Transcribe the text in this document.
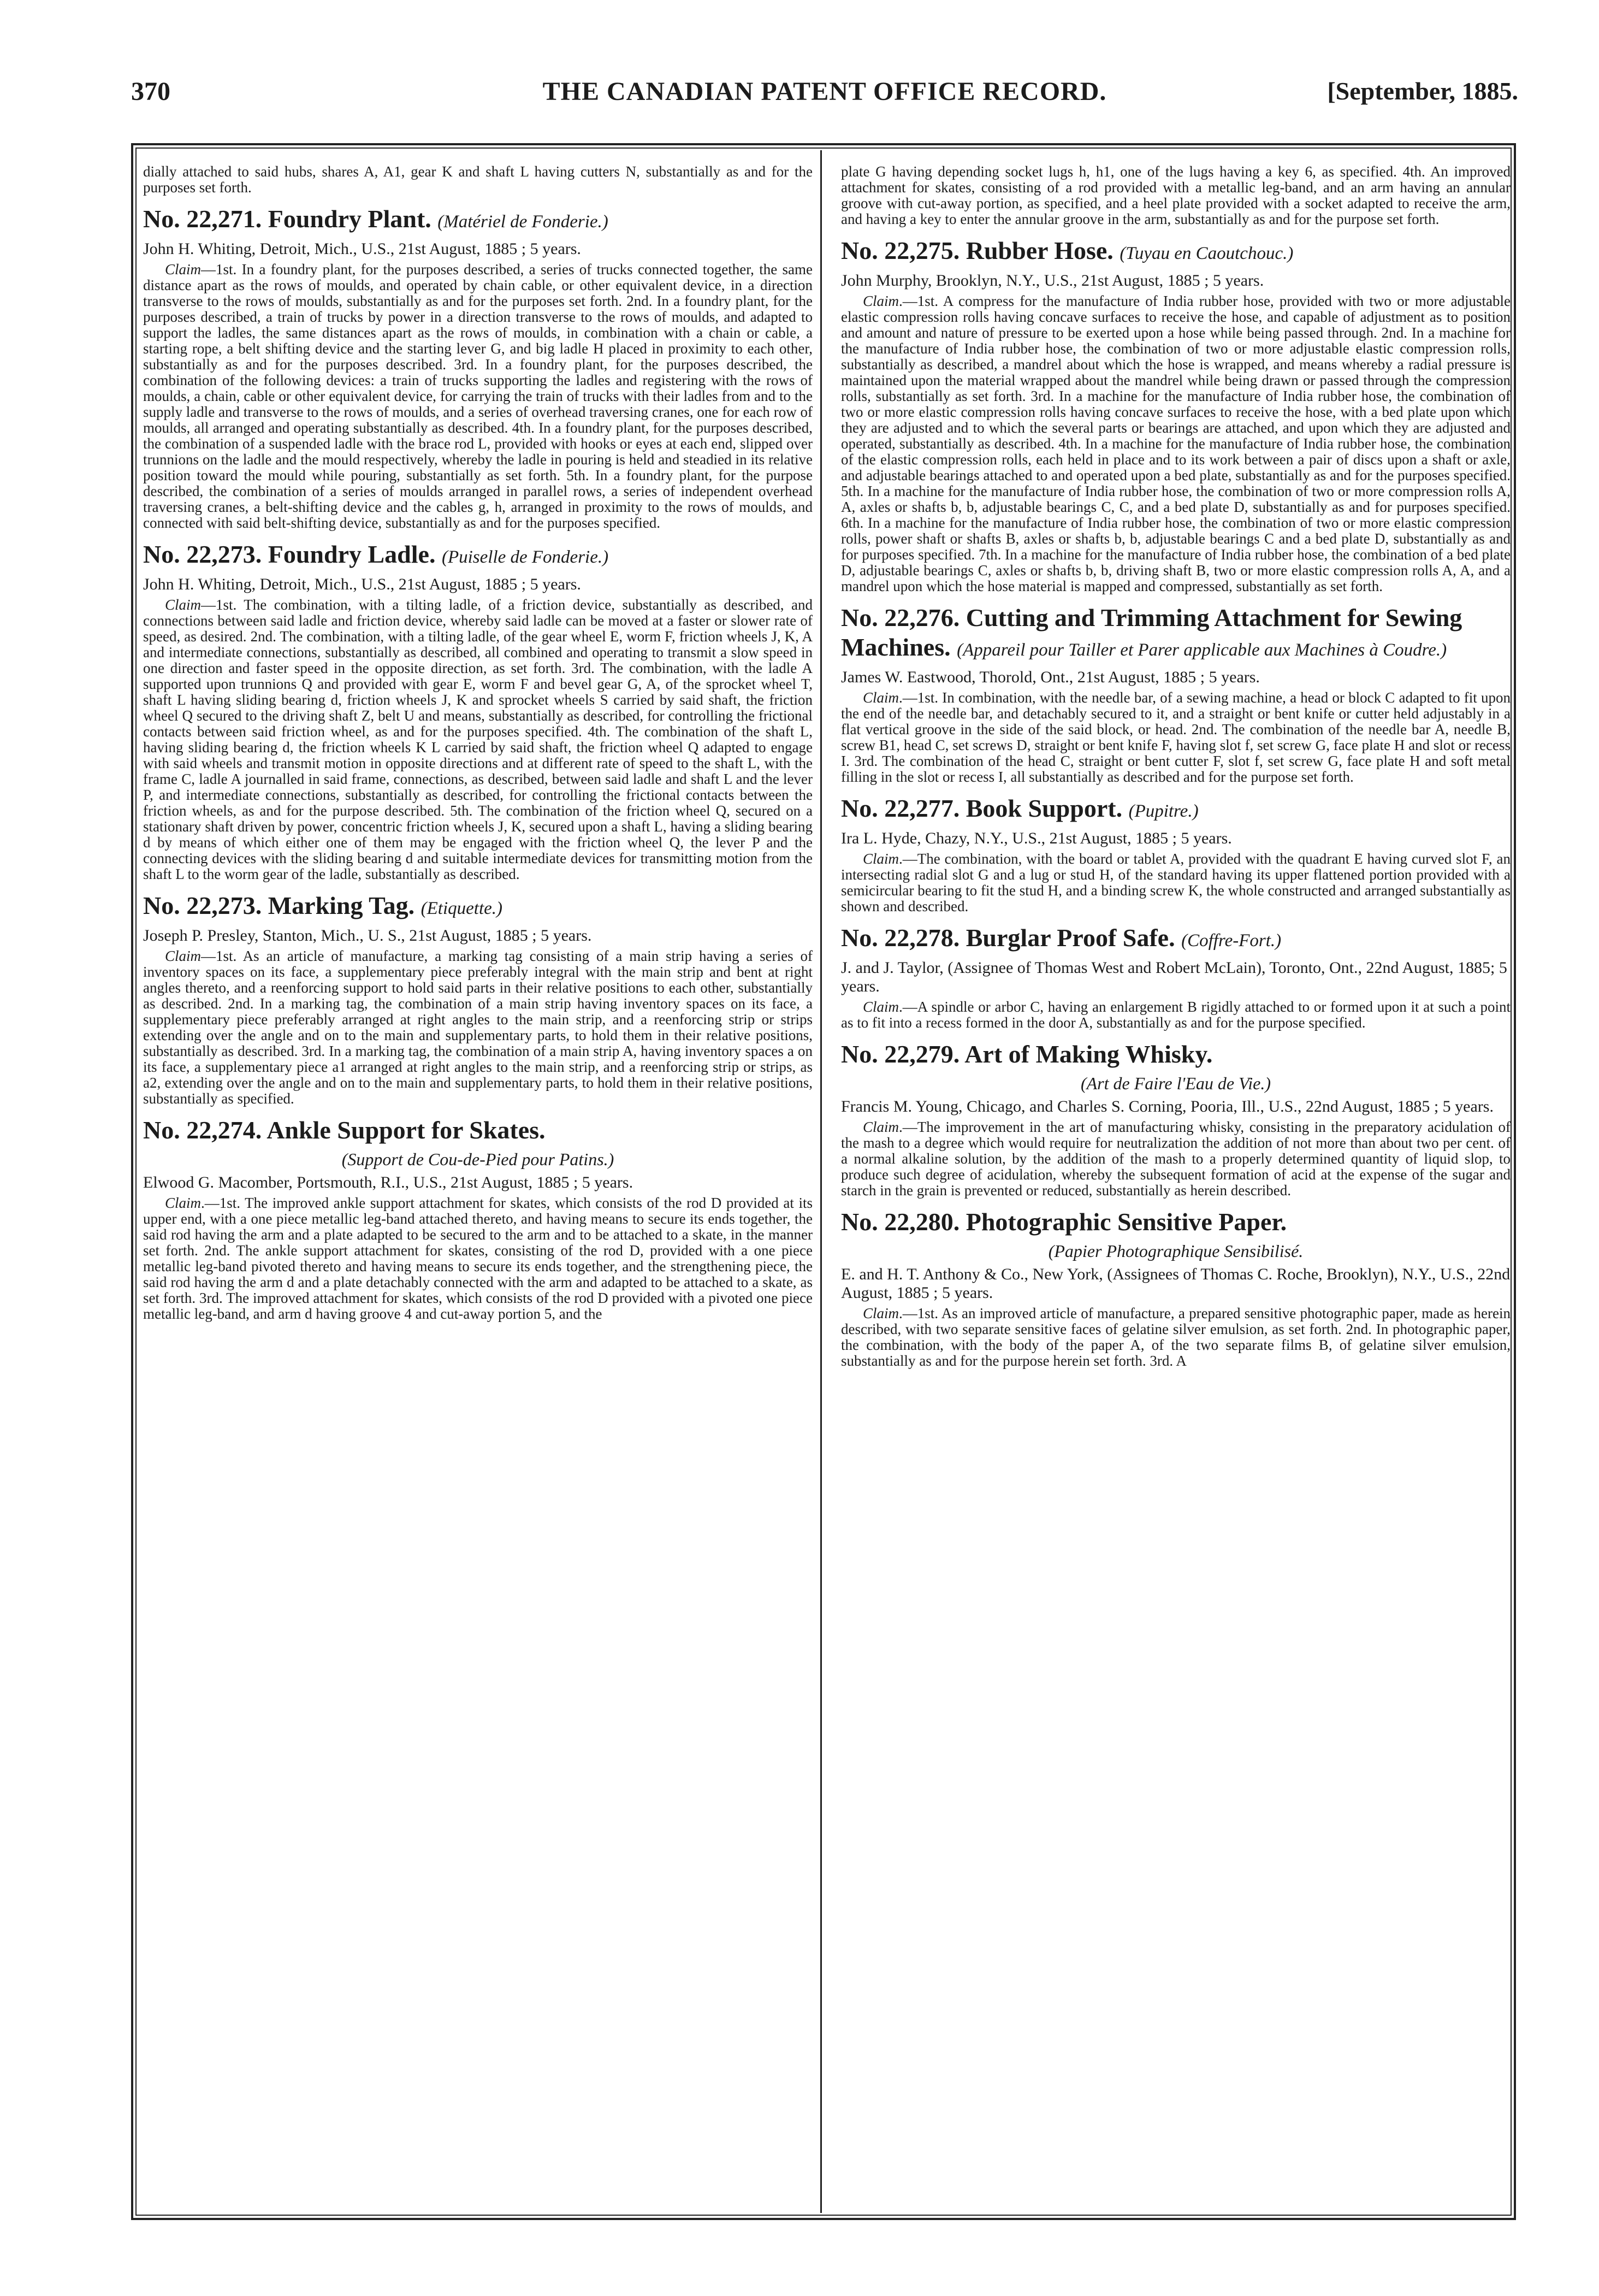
370	THE CANADIAN PATENT OFFICE RECORD.	[September, 1885.

dially attached to said hubs, shares A, A1, gear K and shaft L having cutters N, substantially as and for the purposes set forth.

No. 22,271. Foundry Plant. (Matériel de Fonderie.)
John H. Whiting, Detroit, Mich., U.S., 21st August, 1885 ; 5 years.

Claim—1st. In a foundry plant, for the purposes described, a series of trucks connected together, the same distance apart as the rows of moulds, and operated by chain cable, or other equivalent device, in a direction transverse to the rows of moulds, substantially as and for the purposes set forth. 2nd. In a foundry plant, for the purposes described, a train of trucks by power in a direction transverse to the rows of moulds, and adapted to support the ladles, the same distances apart as the rows of moulds, in combination with a chain or cable, a starting rope, a belt shifting device and the starting lever G, and big ladle H placed in proximity to each other, substantially as and for the purposes described. 3rd. In a foundry plant, for the purposes described, the combination of the following devices: a train of trucks supporting the ladles and registering with the rows of moulds, a chain, cable or other equivalent device, for carrying the train of trucks with their ladles from and to the supply ladle and transverse to the rows of moulds, and a series of overhead traversing cranes, one for each row of moulds, all arranged and operating substantially as described. 4th. In a foundry plant, for the purposes described, the combination of a suspended ladle with the brace rod L, provided with hooks or eyes at each end, slipped over trunnions on the ladle and the mould respectively, whereby the ladle in pouring is held and steadied in its relative position toward the mould while pouring, substantially as set forth. 5th. In a foundry plant, for the purpose described, the combination of a series of moulds arranged in parallel rows, a series of independent overhead traversing cranes, a belt-shifting device and the cables g, h, arranged in proximity to the rows of moulds, and connected with said belt-shifting device, substantially as and for the purposes specified.

No. 22,273. Foundry Ladle. (Puiselle de Fonderie.)
John H. Whiting, Detroit, Mich., U.S., 21st August, 1885 ; 5 years.

Claim—1st. The combination, with a tilting ladle, of a friction device, substantially as described, and connections between said ladle and friction device, whereby said ladle can be moved at a faster or slower rate of speed, as desired. 2nd. The combination, with a tilting ladle, of the gear wheel E, worm F, friction wheels J, K, A and intermediate connections, substantially as described, all combined and operating to transmit a slow speed in one direction and faster speed in the opposite direction, as set forth. 3rd. The combination, with the ladle A supported upon trunnions Q and provided with gear E, worm F and bevel gear G, A, of the sprocket wheel T, shaft L having sliding bearing d, friction wheels J, K and sprocket wheels S carried by said shaft, the friction wheel Q secured to the driving shaft Z, belt U and means, substantially as described, for controlling the frictional contacts between said friction wheel, as and for the purposes specified. 4th. The combination of the shaft L, having sliding bearing d, the friction wheels K L carried by said shaft, the friction wheel Q adapted to engage with said wheels and transmit motion in opposite directions and at different rate of speed to the shaft L, with the frame C, ladle A journalled in said frame, connections, as described, between said ladle and shaft L and the lever P, and intermediate connections, substantially as described, for controlling the frictional contacts between the friction wheels, as and for the purpose described. 5th. The combination of the friction wheel Q, secured on a stationary shaft driven by power, concentric friction wheels J, K, secured upon a shaft L, having a sliding bearing d by means of which either one of them may be engaged with the friction wheel Q, the lever P and the connecting devices with the sliding bearing d and suitable intermediate devices for transmitting motion from the shaft L to the worm gear of the ladle, substantially as described.

No. 22,273. Marking Tag. (Etiquette.)
Joseph P. Presley, Stanton, Mich., U. S., 21st August, 1885 ; 5 years.

Claim—1st. As an article of manufacture, a marking tag consisting of a main strip having a series of inventory spaces on its face, a supplementary piece preferably integral with the main strip and bent at right angles thereto, and a reenforcing support to hold said parts in their relative positions to each other, substantially as described. 2nd. In a marking tag, the combination of a main strip having inventory spaces on its face, a supplementary piece preferably arranged at right angles to the main strip, and a reenforcing strip or strips extending over the angle and on to the main and supplementary parts, to hold them in their relative positions, substantially as described. 3rd. In a marking tag, the combination of a main strip A, having inventory spaces a on its face, a supplementary piece a1 arranged at right angles to the main strip, and a reenforcing strip or strips, as a2, extending over the angle and on to the main and supplementary parts, to hold them in their relative positions, substantially as specified.

No. 22,274. Ankle Support for Skates.
(Support de Cou-de-Pied pour Patins.)
Elwood G. Macomber, Portsmouth, R.I., U.S., 21st August, 1885 ; 5 years.

Claim.—1st. The improved ankle support attachment for skates, which consists of the rod D provided at its upper end, with a one piece metallic leg-band attached thereto, and having means to secure its ends together, the said rod having the arm and a plate adapted to be secured to the arm and to be attached to a skate, in the manner set forth. 2nd. The ankle support attachment for skates, consisting of the rod D, provided with a one piece metallic leg-band pivoted thereto and having means to secure its ends together, and the strengthening piece, the said rod having the arm d and a plate detachably connected with the arm and adapted to be attached to a skate, as set forth. 3rd. The improved attachment for skates, which consists of the rod D provided with a pivoted one piece metallic leg-band, and arm d having groove 4 and cut-away portion 5, and the

plate G having depending socket lugs h, h1, one of the lugs having a key 6, as specified. 4th. An improved attachment for skates, consisting of a rod provided with a metallic leg-band, and an arm having an annular groove with cut-away portion, as specified, and a heel plate provided with a socket adapted to receive the arm, and having a key to enter the annular groove in the arm, substantially as and for the purpose set forth.

No. 22,275. Rubber Hose. (Tuyau en Caoutchouc.)
John Murphy, Brooklyn, N.Y., U.S., 21st August, 1885 ; 5 years.

Claim.—1st. A compress for the manufacture of India rubber hose, provided with two or more adjustable elastic compression rolls having concave surfaces to receive the hose, and capable of adjustment as to position and amount and nature of pressure to be exerted upon a hose while being passed through. 2nd. In a machine for the manufacture of India rubber hose, the combination of two or more adjustable elastic compression rolls, substantially as described, a mandrel about which the hose is wrapped, and means whereby a radial pressure is maintained upon the material wrapped about the mandrel while being drawn or passed through the compression rolls, substantially as set forth. 3rd. In a machine for the manufacture of India rubber hose, the combination of two or more elastic compression rolls having concave surfaces to receive the hose, with a bed plate upon which they are adjusted and to which the several parts or bearings are attached, and upon which they are adjusted and operated, substantially as described. 4th. In a machine for the manufacture of India rubber hose, the combination of the elastic compression rolls, each held in place and to its work between a pair of discs upon a shaft or axle, and adjustable bearings attached to and operated upon a bed plate, substantially as and for the purposes specified. 5th. In a machine for the manufacture of India rubber hose, the combination of two or more compression rolls A, A, axles or shafts b, b, adjustable bearings C, C, and a bed plate D, substantially as and for purposes specified. 6th. In a machine for the manufacture of India rubber hose, the combination of two or more elastic compression rolls, power shaft or shafts B, axles or shafts b, b, adjustable bearings C and a bed plate D, substantially as and for purposes specified. 7th. In a machine for the manufacture of India rubber hose, the combination of a bed plate D, adjustable bearings C, axles or shafts b, b, driving shaft B, two or more elastic compression rolls A, A, and a mandrel upon which the hose material is mapped and compressed, substantially as set forth.

No. 22,276. Cutting and Trimming Attachment for Sewing Machines. (Appareil pour Tailler et Parer applicable aux Machines à Coudre.)
James W. Eastwood, Thorold, Ont., 21st August, 1885 ; 5 years.

Claim.—1st. In combination, with the needle bar, of a sewing machine, a head or block C adapted to fit upon the end of the needle bar, and detachably secured to it, and a straight or bent knife or cutter held adjustably in a flat vertical groove in the side of the said block, or head. 2nd. The combination of the needle bar A, needle B, screw B1, head C, set screws D, straight or bent knife F, having slot f, set screw G, face plate H and slot or recess I. 3rd. The combination of the head C, straight or bent cutter F, slot f, set screw G, face plate H and soft metal filling in the slot or recess I, all substantially as described and for the purpose set forth.

No. 22,277. Book Support. (Pupitre.)
Ira L. Hyde, Chazy, N.Y., U.S., 21st August, 1885 ; 5 years.

Claim.—The combination, with the board or tablet A, provided with the quadrant E having curved slot F, an intersecting radial slot G and a lug or stud H, of the standard having its upper flattened portion provided with a semicircular bearing to fit the stud H, and a binding screw K, the whole constructed and arranged substantially as shown and described.

No. 22,278. Burglar Proof Safe. (Coffre-Fort.)
J. and J. Taylor, (Assignee of Thomas West and Robert McLain), Toronto, Ont., 22nd August, 1885; 5 years.

Claim.—A spindle or arbor C, having an enlargement B rigidly attached to or formed upon it at such a point as to fit into a recess formed in the door A, substantially as and for the purpose specified.

No. 22,279. Art of Making Whisky.
(Art de Faire l'Eau de Vie.)
Francis M. Young, Chicago, and Charles S. Corning, Pooria, Ill., U.S., 22nd August, 1885 ; 5 years.

Claim.—The improvement in the art of manufacturing whisky, consisting in the preparatory acidulation of the mash to a degree which would require for neutralization the addition of not more than about two per cent. of a normal alkaline solution, by the addition of the mash to a properly determined quantity of liquid slop, to produce such degree of acidulation, whereby the subsequent formation of acid at the expense of the sugar and starch in the grain is prevented or reduced, substantially as herein described.

No. 22,280. Photographic Sensitive Paper.
(Papier Photographique Sensibilisé.
E. and H. T. Anthony & Co., New York, (Assignees of Thomas C. Roche, Brooklyn), N.Y., U.S., 22nd August, 1885 ; 5 years.

Claim.—1st. As an improved article of manufacture, a prepared sensitive photographic paper, made as herein described, with two separate sensitive faces of gelatine silver emulsion, as set forth. 2nd. In photographic paper, the combination, with the body of the paper A, of the two separate films B, of gelatine silver emulsion, substantially as and for the purpose herein set forth. 3rd. A
